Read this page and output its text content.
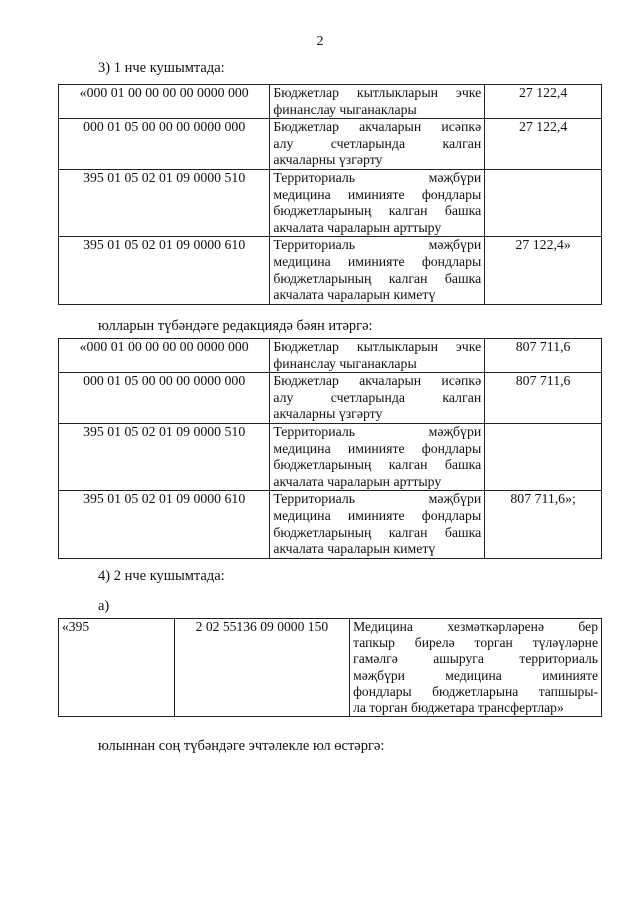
2
3) 1 нче кушымтада:
«000 01 00 00 00 00 0000 000	Бюджетлар кытлыкларын эчке
финанслау чыганаклары	27 122,4
000 01 05 00 00 00 0000 000	Бюджетлар акчаларын исәпкә
алу счетларында калган
акчаларны үзгәрту	27 122,4
395 01 05 02 01 09 0000 510	Территориаль мәҗбүри
медицина иминияте фондлары
бюджетларының калган башка
акчалата чараларын арттыру	

395 01 05 02 01 09 0000 610	Территориаль мәҗбүри
медицина иминияте фондлары
бюджетларының калган башка
акчалата чараларын киметү	27 122,4»
юлларын түбәндәге редакциядә бәян итәргә:
«000 01 00 00 00 00 0000 000	Бюджетлар кытлыкларын эчке
финанслау чыганаклары	807 711,6
000 01 05 00 00 00 0000 000	Бюджетлар акчаларын исәпкә
алу счетларында калган
акчаларны үзгәрту	807 711,6
395 01 05 02 01 09 0000 510	Территориаль мәҗбүри
медицина иминияте фондлары
бюджетларының калган башка
акчалата чараларын арттыру	

395 01 05 02 01 09 0000 610	Территориаль мәҗбүри
медицина иминияте фондлары
бюджетларының калган башка
акчалата чараларын киметү	807 711,6»;
4) 2 нче кушымтада:
а)
«395	2 02 55136 09 0000 150	Медицина хезмәткәрләренә бер
тапкыр бирелә торган түләүләрне
гамәлгә ашыруга территориаль
мәҗбүри медицина иминияте
фондлары бюджетларына тапшыры-
ла торган бюджетара трансфертлар»
юлыннан соң түбәндәге эчтәлекле юл өстәргә:
